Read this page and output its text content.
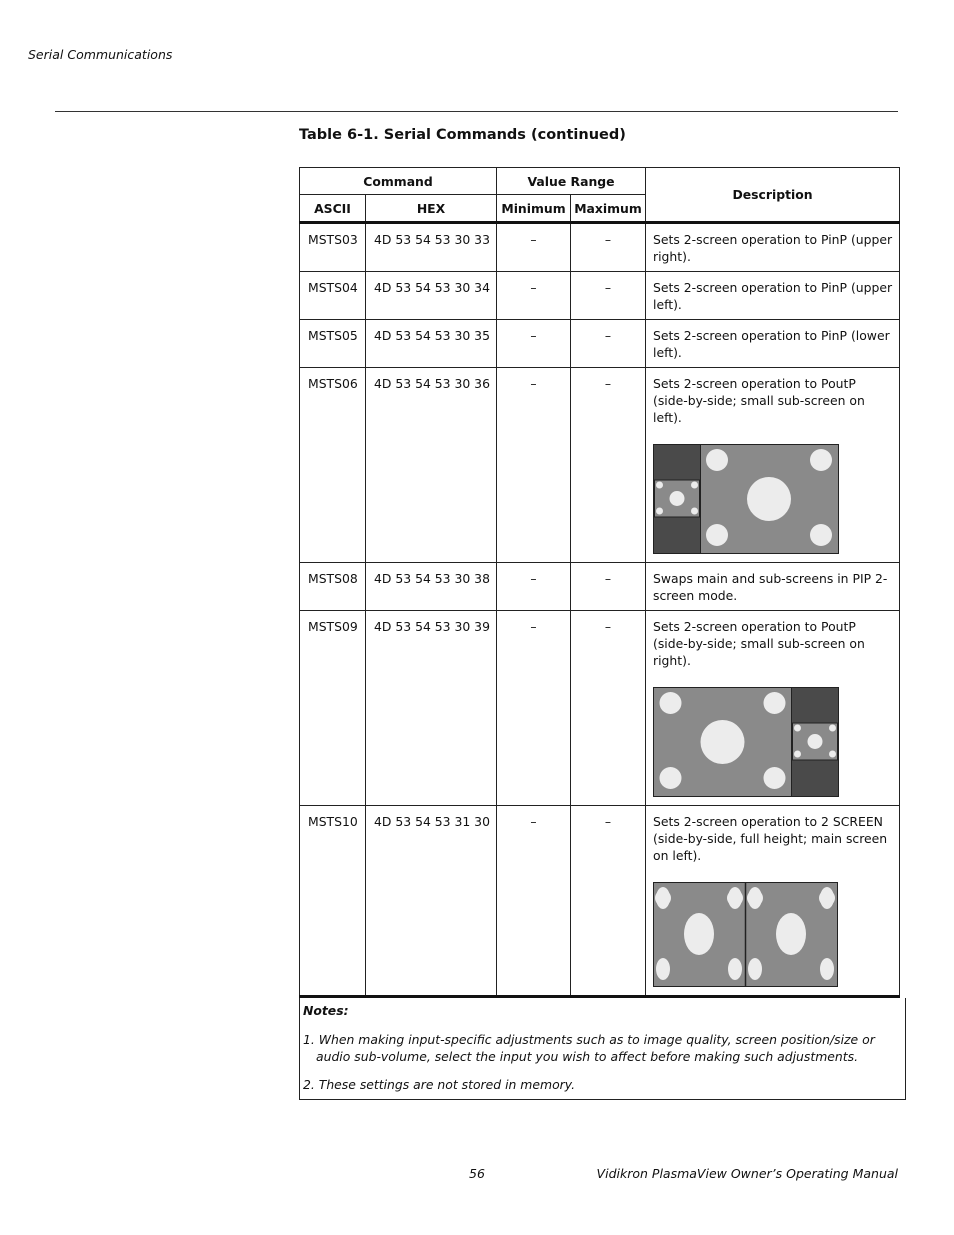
Serial Communications
Table 6-1. Serial Commands (continued)
Command		Value Range		Description
ASCII	HEX	Minimum	Maximum	
MSTS03	4D 53 54 53 30 33	–	–	Sets 2-screen operation to PinP (upper right).
MSTS04	4D 53 54 53 30 34	–	–	Sets 2-screen operation to PinP (upper left).
MSTS05	4D 53 54 53 30 35	–	–	Sets 2-screen operation to PinP (lower left).
MSTS06	4D 53 54 53 30 36	–	–	Sets 2-screen operation to PoutP (side-by-side; small sub-screen on left).

MSTS08	4D 53 54 53 30 38	–	–	Swaps main and sub-screens in PIP 2-screen mode.
MSTS09	4D 53 54 53 30 39	–	–	Sets 2-screen operation to PoutP (side-by-side; small sub-screen on right).

MSTS10	4D 53 54 53 31 30	–	–	Sets 2-screen operation to 2 SCREEN (side-by-side, full height; main screen on left).
Notes:
1. When making input-specific adjustments such as to image quality, screen position/size or audio sub-volume, select the input you wish to affect before making such adjustments.
2. These settings are not stored in memory.
56	Vidikron PlasmaView Owner’s Operating Manual
